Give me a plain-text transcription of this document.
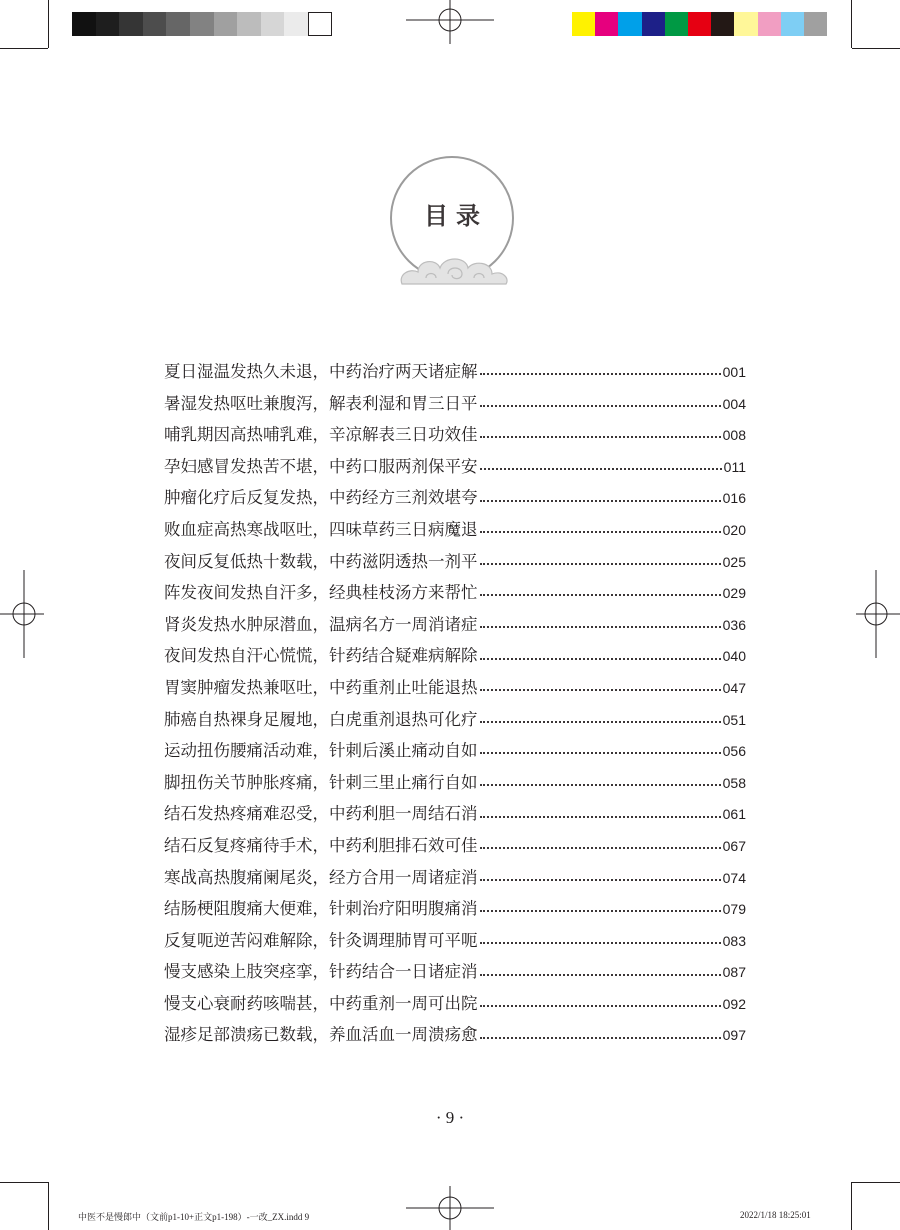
目录
夏日湿温发热久未退，中药治疗两天诸症解	001
暑湿发热呕吐兼腹泻，解表利湿和胃三日平	004
哺乳期因高热哺乳难，辛凉解表三日功效佳	008
孕妇感冒发热苦不堪，中药口服两剂保平安	011
肿瘤化疗后反复发热，中药经方三剂效堪夸	016
败血症高热寒战呕吐，四味草药三日病魔退	020
夜间反复低热十数载，中药滋阴透热一剂平	025
阵发夜间发热自汗多，经典桂枝汤方来帮忙	029
肾炎发热水肿尿潜血，温病名方一周消诸症	036
夜间发热自汗心慌慌，针药结合疑难病解除	040
胃窦肿瘤发热兼呕吐，中药重剂止吐能退热	047
肺癌自热裸身足履地，白虎重剂退热可化疗	051
运动扭伤腰痛活动难，针刺后溪止痛动自如	056
脚扭伤关节肿胀疼痛，针刺三里止痛行自如	058
结石发热疼痛难忍受，中药利胆一周结石消	061
结石反复疼痛待手术，中药利胆排石效可佳	067
寒战高热腹痛阑尾炎，经方合用一周诸症消	074
结肠梗阻腹痛大便难，针刺治疗阳明腹痛消	079
反复呃逆苦闷难解除，针灸调理肺胃可平呃	083
慢支感染上肢突痉挛，针药结合一日诸症消	087
慢支心衰耐药咳喘甚，中药重剂一周可出院	092
湿疹足部溃疡已数载，养血活血一周溃疡愈	097
· 9 ·
中医不是慢郎中（文前p1-10+正文p1-198）-一改_ZX.indd 9	2022/1/18 18:25:01
